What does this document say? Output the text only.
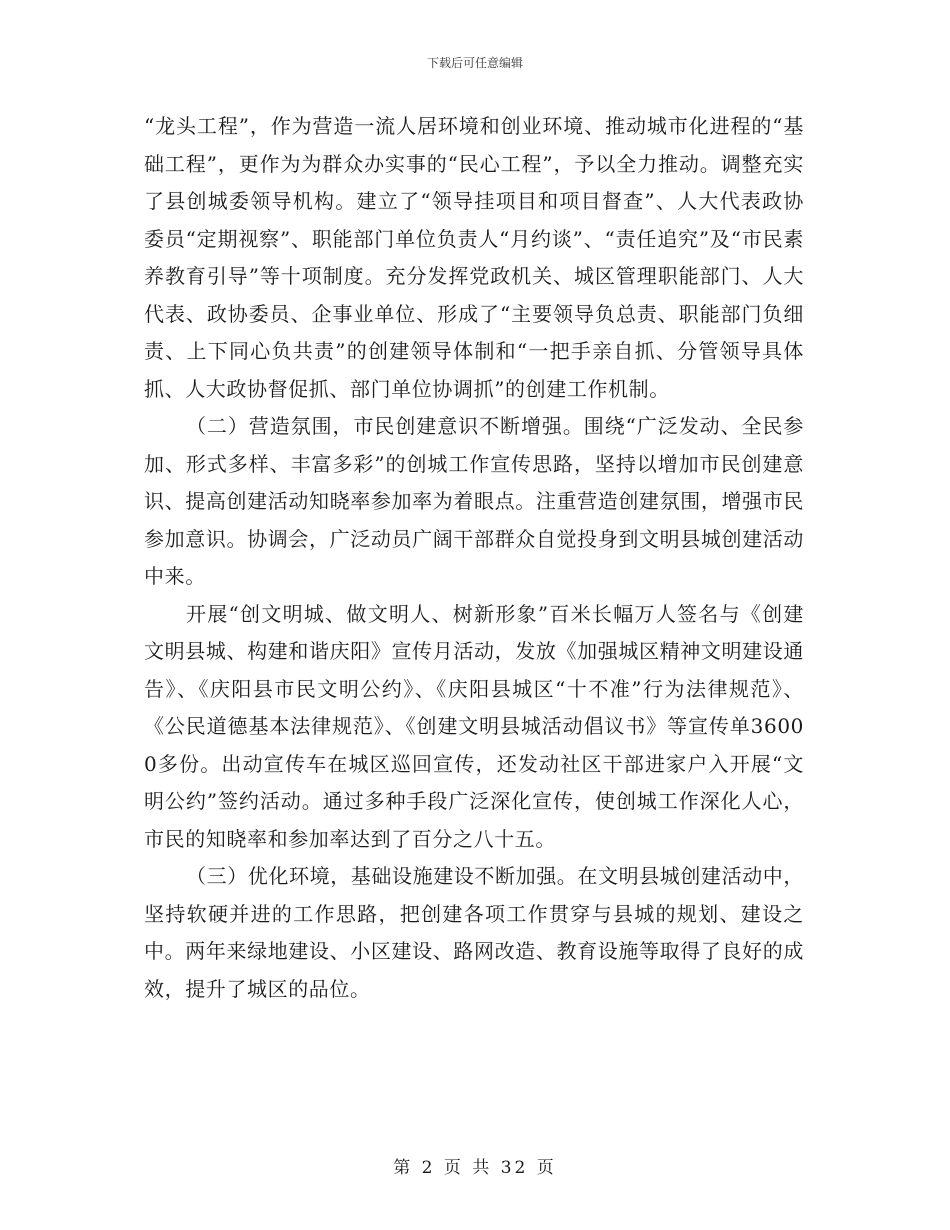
下载后可任意编辑

“龙头工程”，作为营造一流人居环境和创业环境、推动城市化进程的“基础工程”，更作为为群众办实事的“民心工程”，予以全力推动。调整充实了县创城委领导机构。建立了“领导挂项目和项目督查”、人大代表政协委员“定期视察”、职能部门单位负责人“月约谈”、“责任追究”及“市民素养教育引导”等十项制度。充分发挥党政机关、城区管理职能部门、人大代表、政协委员、企事业单位、形成了“主要领导负总责、职能部门负细责、上下同心负共责”的创建领导体制和“一把手亲自抓、分管领导具体抓、人大政协督促抓、部门单位协调抓”的创建工作机制。

（二）营造氛围，市民创建意识不断增强。围绕“广泛发动、全民参加、形式多样、丰富多彩”的创城工作宣传思路，坚持以增加市民创建意识、提高创建活动知晓率参加率为着眼点。注重营造创建氛围，增强市民参加意识。协调会，广泛动员广阔干部群众自觉投身到文明县城创建活动中来。

开展“创文明城、做文明人、树新形象”百米长幅万人签名与《创建文明县城、构建和谐庆阳》宣传月活动，发放《加强城区精神文明建设通告》、《庆阳县市民文明公约》、《庆阳县城区“十不准”行为法律规范》、《公民道德基本法律规范》、《创建文明县城活动倡议书》等宣传单36000多份。出动宣传车在城区巡回宣传，还发动社区干部进家户入开展“文明公约”签约活动。通过多种手段广泛深化宣传，使创城工作深化人心，市民的知晓率和参加率达到了百分之八十五。

（三）优化环境，基础设施建设不断加强。在文明县城创建活动中，坚持软硬并进的工作思路，把创建各项工作贯穿与县城的规划、建设之中。两年来绿地建设、小区建设、路网改造、教育设施等取得了良好的成效，提升了城区的品位。

第 2 页 共 32 页
